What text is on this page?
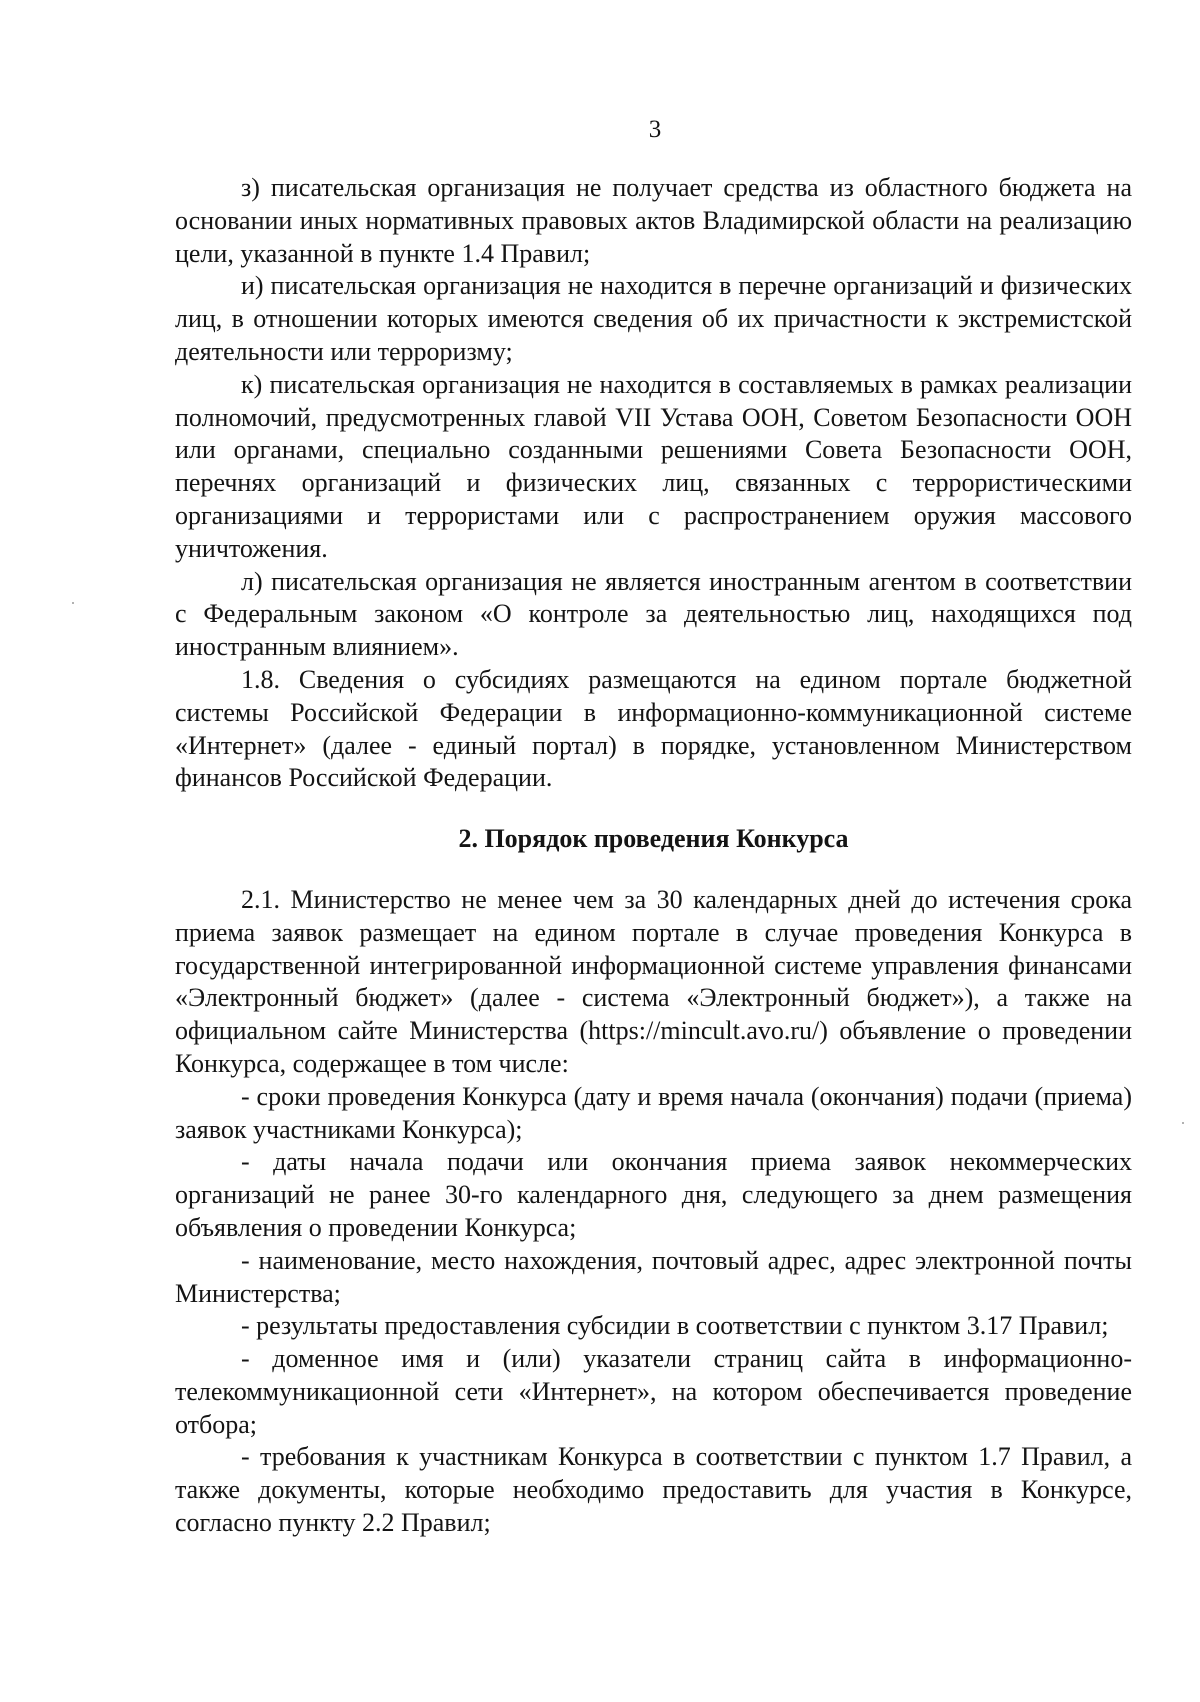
3

з) писательская организация не получает средства из областного бюджета на основании иных нормативных правовых актов Владимирской области на реализацию цели, указанной в пункте 1.4 Правил;

и) писательская организация не находится в перечне организаций и физических лиц, в отношении которых имеются сведения об их причастности к экстремистской деятельности или терроризму;

к) писательская организация не находится в составляемых в рамках реализации полномочий, предусмотренных главой VII Устава ООН, Советом Безопасности ООН или органами, специально созданными решениями Совета Безопасности ООН, перечнях организаций и физических лиц, связанных с террористическими организациями и террористами или с распространением оружия массового уничтожения.

л) писательская организация не является иностранным агентом в соответствии с Федеральным законом «О контроле за деятельностью лиц, находящихся под иностранным влиянием».

1.8. Сведения о субсидиях размещаются на едином портале бюджетной системы Российской Федерации в информационно-коммуникационной системе «Интернет» (далее - единый портал) в порядке, установленном Министерством финансов Российской Федерации.

2. Порядок проведения Конкурса

2.1. Министерство не менее чем за 30 календарных дней до истечения срока приема заявок размещает на едином портале в случае проведения Конкурса в государственной интегрированной информационной системе управления финансами «Электронный бюджет» (далее - система «Электронный бюджет»), а также на официальном сайте Министерства (https://mincult.avo.ru/) объявление о проведении Конкурса, содержащее в том числе:

- сроки проведения Конкурса (дату и время начала (окончания) подачи (приема) заявок участниками Конкурса);

- даты начала подачи или окончания приема заявок некоммерческих организаций не ранее 30-го календарного дня, следующего за днем размещения объявления о проведении Конкурса;

- наименование, место нахождения, почтовый адрес, адрес электронной почты Министерства;

- результаты предоставления субсидии в соответствии с пунктом 3.17 Правил;

- доменное имя и (или) указатели страниц сайта в информационно-телекоммуникационной сети «Интернет», на котором обеспечивается проведение отбора;

- требования к участникам Конкурса в соответствии с пунктом 1.7 Правил, а также документы, которые необходимо предоставить для участия в Конкурсе, согласно пункту 2.2 Правил;
